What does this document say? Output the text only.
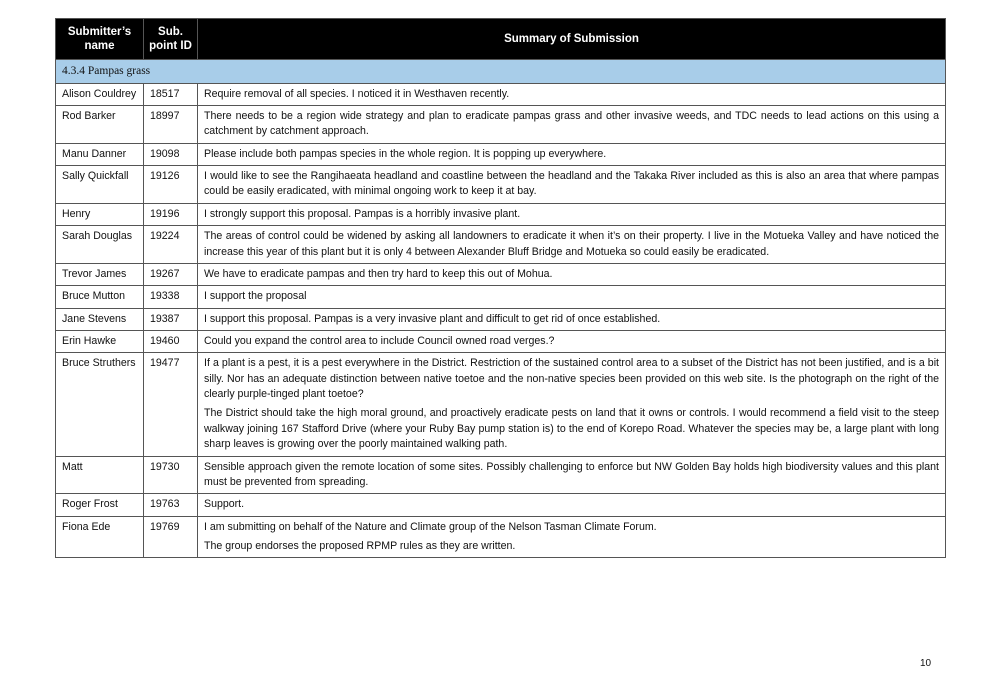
Submitter’s name	Sub. point ID	Summary of Submission
4.3.4 Pampas grass		
Alison Couldrey	18517	Require removal of all species. I noticed it in Westhaven recently.

Rod Barker	18997	There needs to be a region wide strategy and plan to eradicate pampas grass and other invasive weeds, and TDC needs to lead actions on this using a catchment by catchment approach.

Manu Danner	19098	Please include both pampas species in the whole region. It is popping up everywhere.

Sally Quickfall	19126	I would like to see the Rangihaeata headland and coastline between the headland and the Takaka River included as this is also an area that where pampas could be easily eradicated, with minimal ongoing work to keep it at bay.

Henry	19196	I strongly support this proposal. Pampas is a horribly invasive plant.

Sarah Douglas	19224	The areas of control could be widened by asking all landowners to eradicate it when it’s on their property. I live in the Motueka Valley and have noticed the increase this year of this plant but it is only 4 between Alexander Bluff Bridge and Motueka so could easily be eradicated.

Trevor James	19267	We have to eradicate pampas and then try hard to keep this out of Mohua.

Bruce Mutton	19338	I support the proposal

Jane Stevens	19387	I support this proposal. Pampas is a very invasive plant and difficult to get rid of once established.

Erin Hawke	19460	Could you expand the control area to include Council owned road verges.?

Bruce Struthers	19477	If a plant is a pest, it is a pest everywhere in the District. Restriction of the sustained control area to a subset of the District has not been justified, and is a bit silly. Nor has an adequate distinction between native toetoe and the non-native species been provided on this web site. Is the photograph on the right of the clearly purple-tinged plant toetoe?

The District should take the high moral ground, and proactively eradicate pests on land that it owns or controls. I would recommend a field visit to the steep walkway joining 167 Stafford Drive (where your Ruby Bay pump station is) to the end of Korepo Road. Whatever the species may be, a large plant with long sharp leaves is growing over the poorly maintained walking path.

Matt	19730	Sensible approach given the remote location of some sites. Possibly challenging to enforce but NW Golden Bay holds high biodiversity values and this plant must be prevented from spreading.

Roger Frost	19763	Support.

Fiona Ede	19769	I am submitting on behalf of the Nature and Climate group of the Nelson Tasman Climate Forum.

The group endorses the proposed RPMP rules as they are written.

10
